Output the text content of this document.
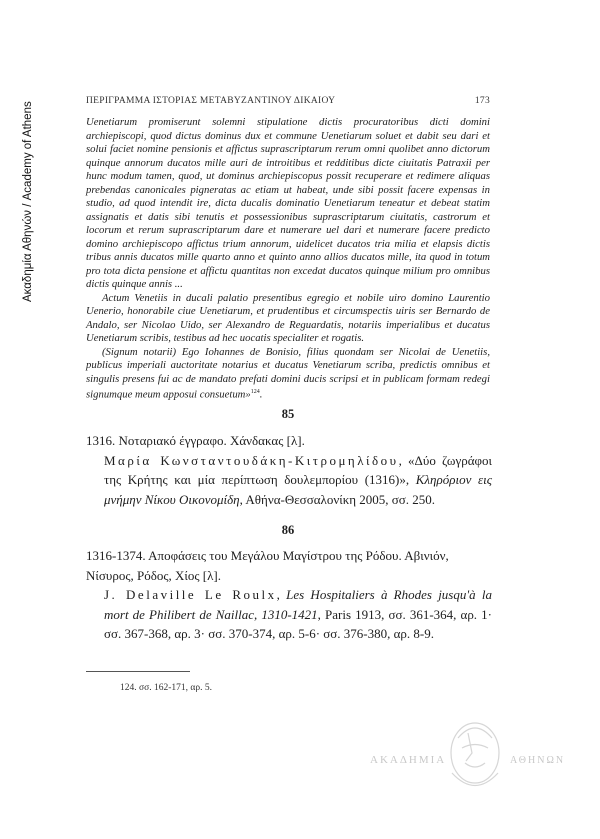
Ακαδημία Αθηνών / Academy of Athens
ΠΕΡΙΓΡΑΜΜΑ ΙΣΤΟΡΙΑΣ ΜΕΤΑΒΥΖΑΝΤΙΝΟΥ ΔΙΚΑΙΟΥ	173

Uenetiarum promiserunt solemni stipulatione dictis procuratoribus dicti domini archiepiscopi, quod dictus dominus dux et commune Uenetiarum soluet et dabit seu dari et solui faciet nomine pensionis et affictus suprascriptarum rerum omni quolibet anno dictorum quinque annorum ducatos mille auri de introitibus et redditibus dicte ciuitatis Patraxii per hunc modum tamen, quod, ut dominus archiepiscopus possit recuperare et redimere aliquas prebendas canonicales pigneratas ac etiam ut habeat, unde sibi possit facere expensas in studio, ad quod intendit ire, dicta ducalis dominatio Uenetiarum teneatur et debeat statim assignatis et datis sibi tenutis et possessionibus suprascriptarum ciuitatis, castrorum et locorum et rerum suprascriptarum dare et numerare uel dari et numerare facere predicto domino archiepiscopo affictus trium annorum, uidelicet ducatos tria milia et elapsis dictis tribus annis ducatos mille quarto anno et quinto anno allios ducatos mille, ita quod in totum pro tota dicta pensione et affictu quantitas non excedat ducatos quinque milium pro omnibus dictis quinque annis ...

Actum Venetiis in ducali palatio presentibus egregio et nobile uiro domino Laurentio Uenerio, honorabile ciue Uenetiarum, et prudentibus et circumspectis uiris ser Bernardo de Andalo, ser Nicolao Uido, ser Alexandro de Reguardatis, notariis imperialibus et ducatus Uenetiarum scribis, testibus ad hec uocatis specialiter et rogatis.

(Signum notarii) Ego Iohannes de Bonisio, filius quondam ser Nicolai de Uenetiis, publicus imperiali auctoritate notarius et ducatus Venetiarum scriba, predictis omnibus et singulis presens fui ac de mandato prefati domini ducis scripsi et in publicam formam redegi signumque meum apposui consuetum»$^{124}$.

85

1316. Νοταριακό έγγραφο. Χάνδακας [λ].

Μαρία Κωνσταντουδάκη-Κιτρομηλίδου, «Δύο ζωγράφοι της Κρήτης και μία περίπτωση δουλεμπορίου (1316)», Κληρόριον εις μνήμην Νίκου Οικονομίδη, Αθήνα-Θεσσαλονίκη 2005, σσ. 250.

86

1316-1374. Αποφάσεις του Μεγάλου Μαγίστρου της Ρόδου. Αβινιόν, Νίσυρος, Ρόδος, Χίος [λ].

J. Delaville Le Roulx, Les Hospitaliers à Rhodes jusqu'à la mort de Philibert de Naillac, 1310-1421, Paris 1913, σσ. 361-364, αρ. 1· σσ. 367-368, αρ. 3· σσ. 370-374, αρ. 5-6· σσ. 376-380, αρ. 8-9.

124. σσ. 162-171, αρ. 5.
ΑΚΑΔΗΜΙΑ	ΑΘΗΝΩΝ
